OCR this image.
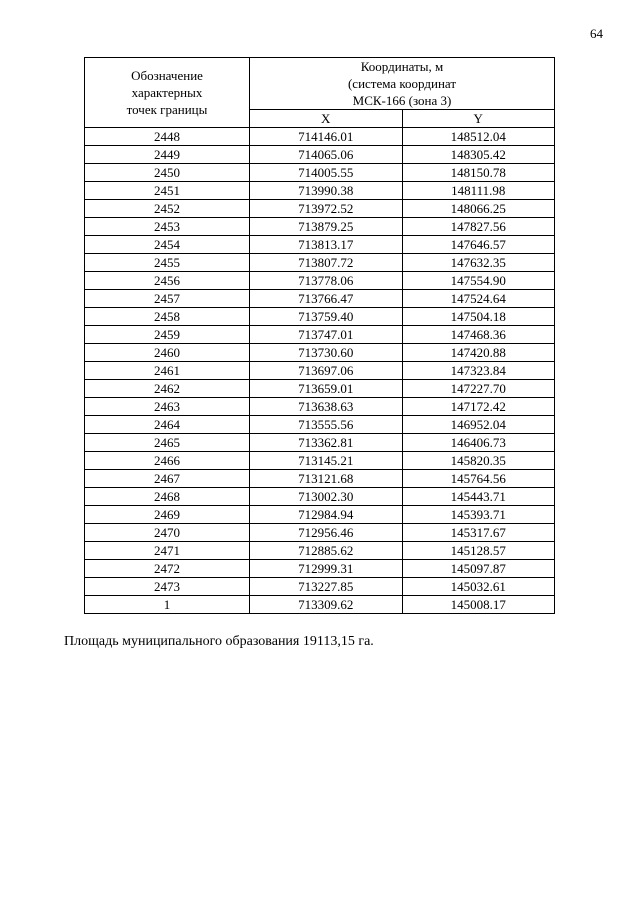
64
Обозначение
характерных
точек границы	Координаты, м
(система координат
МСК-166 (зона 3)	

	X	Y
2448	714146.01	148512.04
2449	714065.06	148305.42
2450	714005.55	148150.78
2451	713990.38	148111.98
2452	713972.52	148066.25
2453	713879.25	147827.56
2454	713813.17	147646.57
2455	713807.72	147632.35
2456	713778.06	147554.90
2457	713766.47	147524.64
2458	713759.40	147504.18
2459	713747.01	147468.36
2460	713730.60	147420.88
2461	713697.06	147323.84
2462	713659.01	147227.70
2463	713638.63	147172.42
2464	713555.56	146952.04
2465	713362.81	146406.73
2466	713145.21	145820.35
2467	713121.68	145764.56
2468	713002.30	145443.71
2469	712984.94	145393.71
2470	712956.46	145317.67
2471	712885.62	145128.57
2472	712999.31	145097.87
2473	713227.85	145032.61
1	713309.62	145008.17
Площадь муниципального образования 19113,15 га.
